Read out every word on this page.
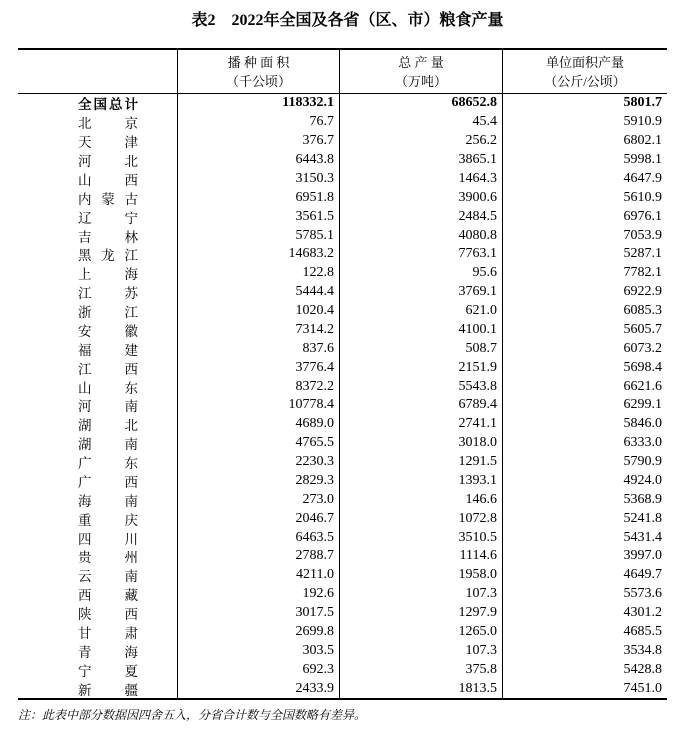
表2　2022年全国及各省（区、市）粮食产量
播 种 面 积
（千公顷）
总 产 量
（万吨）
单位面积产量
（公斤/公顷）
全 国 总 计	118332.1	68652.8	5801.7
北 京	76.7	45.4	5910.9
天 津	376.7	256.2	6802.1
河 北	6443.8	3865.1	5998.1
山 西	3150.3	1464.3	4647.9
内 蒙 古	6951.8	3900.6	5610.9
辽 宁	3561.5	2484.5	6976.1
吉 林	5785.1	4080.8	7053.9
黑 龙 江	14683.2	7763.1	5287.1
上 海	122.8	95.6	7782.1
江 苏	5444.4	3769.1	6922.9
浙 江	1020.4	621.0	6085.3
安 徽	7314.2	4100.1	5605.7
福 建	837.6	508.7	6073.2
江 西	3776.4	2151.9	5698.4
山 东	8372.2	5543.8	6621.6
河 南	10778.4	6789.4	6299.1
湖 北	4689.0	2741.1	5846.0
湖 南	4765.5	3018.0	6333.0
广 东	2230.3	1291.5	5790.9
广 西	2829.3	1393.1	4924.0
海 南	273.0	146.6	5368.9
重 庆	2046.7	1072.8	5241.8
四 川	6463.5	3510.5	5431.4
贵 州	2788.7	1114.6	3997.0
云 南	4211.0	1958.0	4649.7
西 藏	192.6	107.3	5573.6
陕 西	3017.5	1297.9	4301.2
甘 肃	2699.8	1265.0	4685.5
青 海	303.5	107.3	3534.8
宁 夏	692.3	375.8	5428.8
新 疆	2433.9	1813.5	7451.0
注：此表中部分数据因四舍五入，分省合计数与全国数略有差异。
